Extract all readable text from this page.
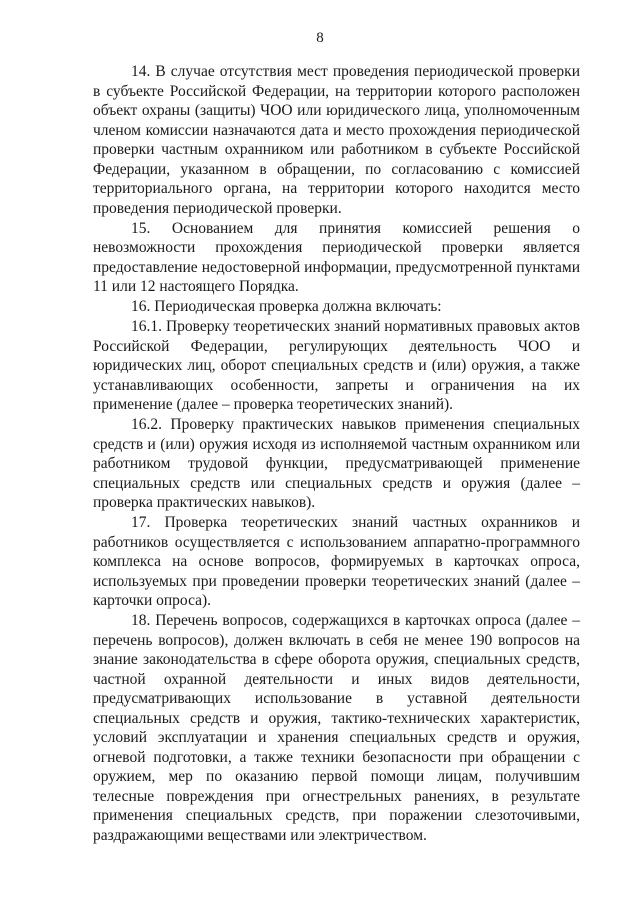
8

14. В случае отсутствия мест проведения периодической проверки в субъекте Российской Федерации, на территории которого расположен объект охраны (защиты) ЧОО или юридического лица, уполномоченным членом комиссии назначаются дата и место прохождения периодической проверки частным охранником или работником в субъекте Российской Федерации, указанном в обращении, по согласованию с комиссией территориального органа, на территории которого находится место проведения периодической проверки.

15. Основанием для принятия комиссией решения о невозможности прохождения периодической проверки является предоставление недостоверной информации, предусмотренной пунктами 11 или 12 настоящего Порядка.

16. Периодическая проверка должна включать:

16.1. Проверку теоретических знаний нормативных правовых актов Российской Федерации, регулирующих деятельность ЧОО и юридических лиц, оборот специальных средств и (или) оружия, а также устанавливающих особенности, запреты и ограничения на их применение (далее – проверка теоретических знаний).

16.2. Проверку практических навыков применения специальных средств и (или) оружия исходя из исполняемой частным охранником или работником трудовой функции, предусматривающей применение специальных средств или специальных средств и оружия (далее – проверка практических навыков).

17. Проверка теоретических знаний частных охранников и работников осуществляется с использованием аппаратно-программного комплекса на основе вопросов, формируемых в карточках опроса, используемых при проведении проверки теоретических знаний (далее – карточки опроса).

18. Перечень вопросов, содержащихся в карточках опроса (далее – перечень вопросов), должен включать в себя не менее 190 вопросов на знание законодательства в сфере оборота оружия, специальных средств, частной охранной деятельности и иных видов деятельности, предусматривающих использование в уставной деятельности специальных средств и оружия, тактико-технических характеристик, условий эксплуатации и хранения специальных средств и оружия, огневой подготовки, а также техники безопасности при обращении с оружием, мер по оказанию первой помощи лицам, получившим телесные повреждения при огнестрельных ранениях, в результате применения специальных средств, при поражении слезоточивыми, раздражающими веществами или электричеством.
